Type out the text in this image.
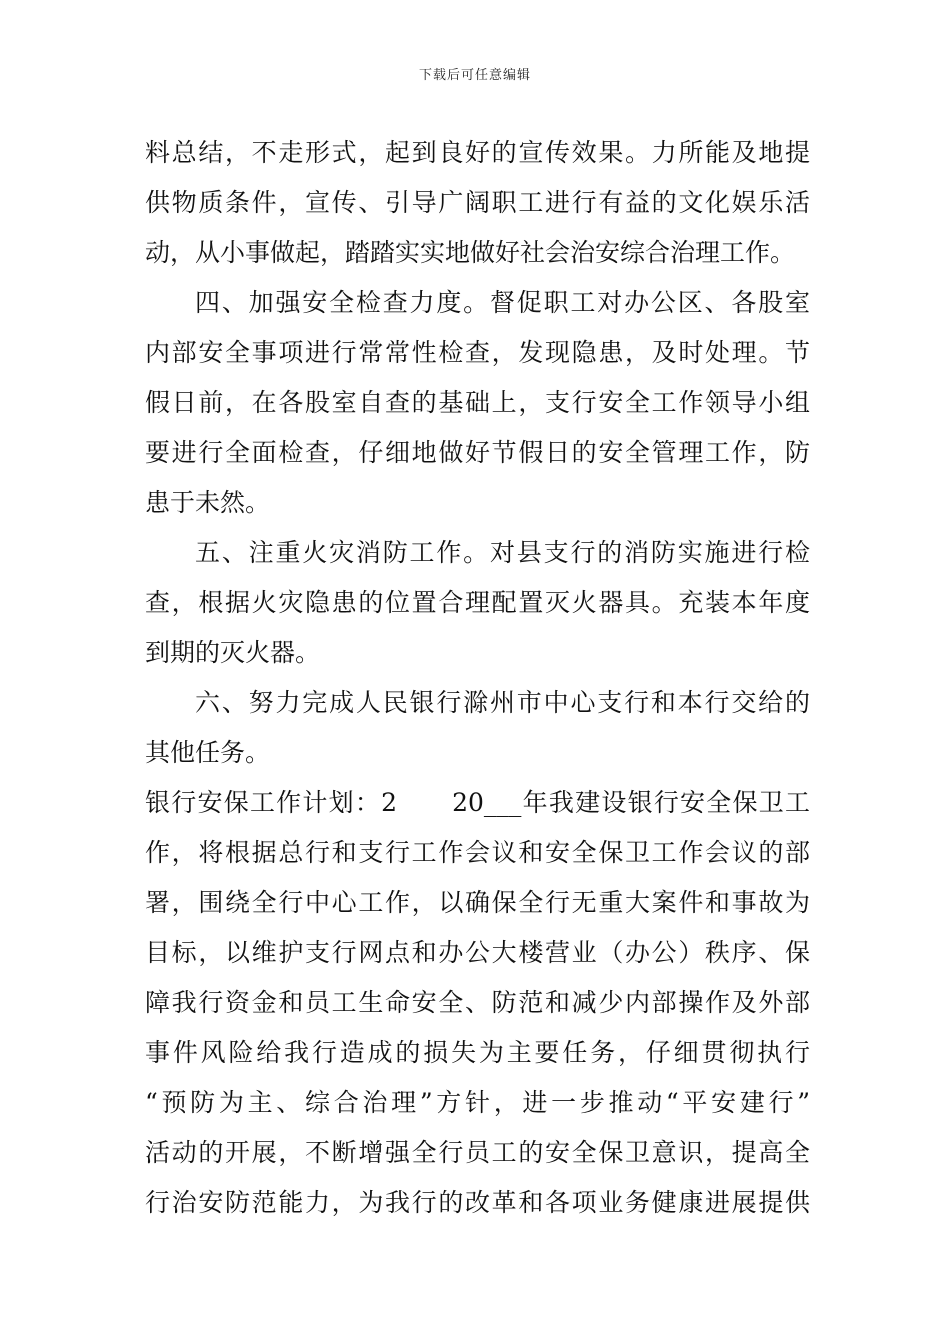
下载后可任意编辑
料总结，不走形式，起到良好的宣传效果。力所能及地提
供物质条件，宣传、引导广阔职工进行有益的文化娱乐活
动，从小事做起，踏踏实实地做好社会治安综合治理工作。
四、加强安全检查力度。督促职工对办公区、各股室
内部安全事项进行常常性检查，发现隐患，及时处理。节
假日前，在各股室自查的基础上，支行安全工作领导小组
要进行全面检查，仔细地做好节假日的安全管理工作，防
患于未然。
五、注重火灾消防工作。对县支行的消防实施进行检
查，根据火灾隐患的位置合理配置灭火器具。充装本年度
到期的灭火器。
六、努力完成人民银行滁州市中心支行和本行交给的
其他任务。
银行安保工作计划：2      20___年我建设银行安全保卫工
作，将根据总行和支行工作会议和安全保卫工作会议的部
署，围绕全行中心工作，以确保全行无重大案件和事故为
目标，以维护支行网点和办公大楼营业（办公）秩序、保
障我行资金和员工生命安全、防范和减少内部操作及外部
事件风险给我行造成的损失为主要任务，仔细贯彻执行
“预防为主、综合治理”方针，进一步推动“平安建行”
活动的开展，不断增强全行员工的安全保卫意识，提高全
行治安防范能力，为我行的改革和各项业务健康进展提供
